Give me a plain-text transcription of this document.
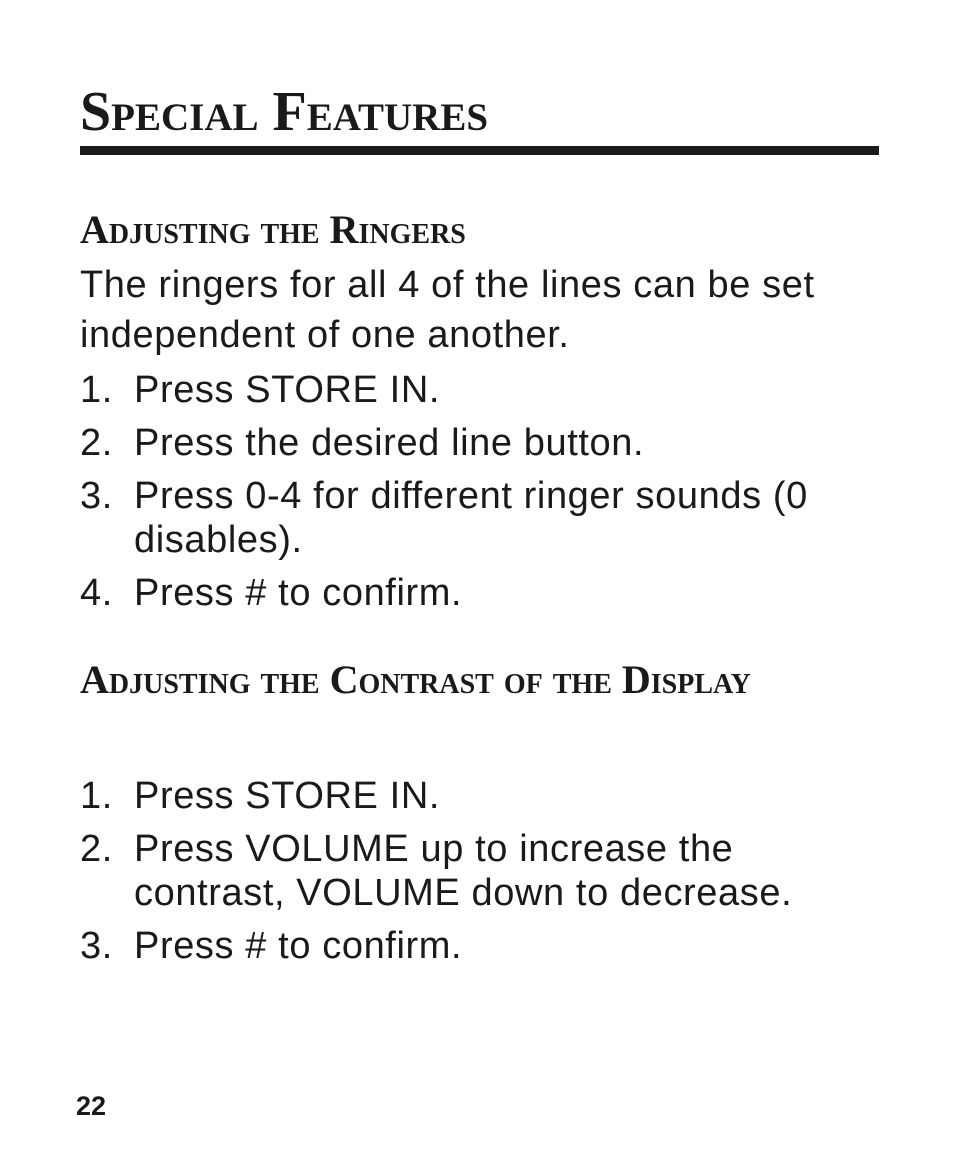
Special Features
Adjusting the Ringers

The ringers for all 4 of the lines can be set independent of one another.

1. Press STORE IN.
2. Press the desired line button.
3. Press 0-4 for different ringer sounds (0 disables).
4. Press # to confirm.
Adjusting the Contrast of the Display
1. Press STORE IN.
2. Press VOLUME up to increase the contrast, VOLUME down to decrease.
3. Press # to confirm.
22
